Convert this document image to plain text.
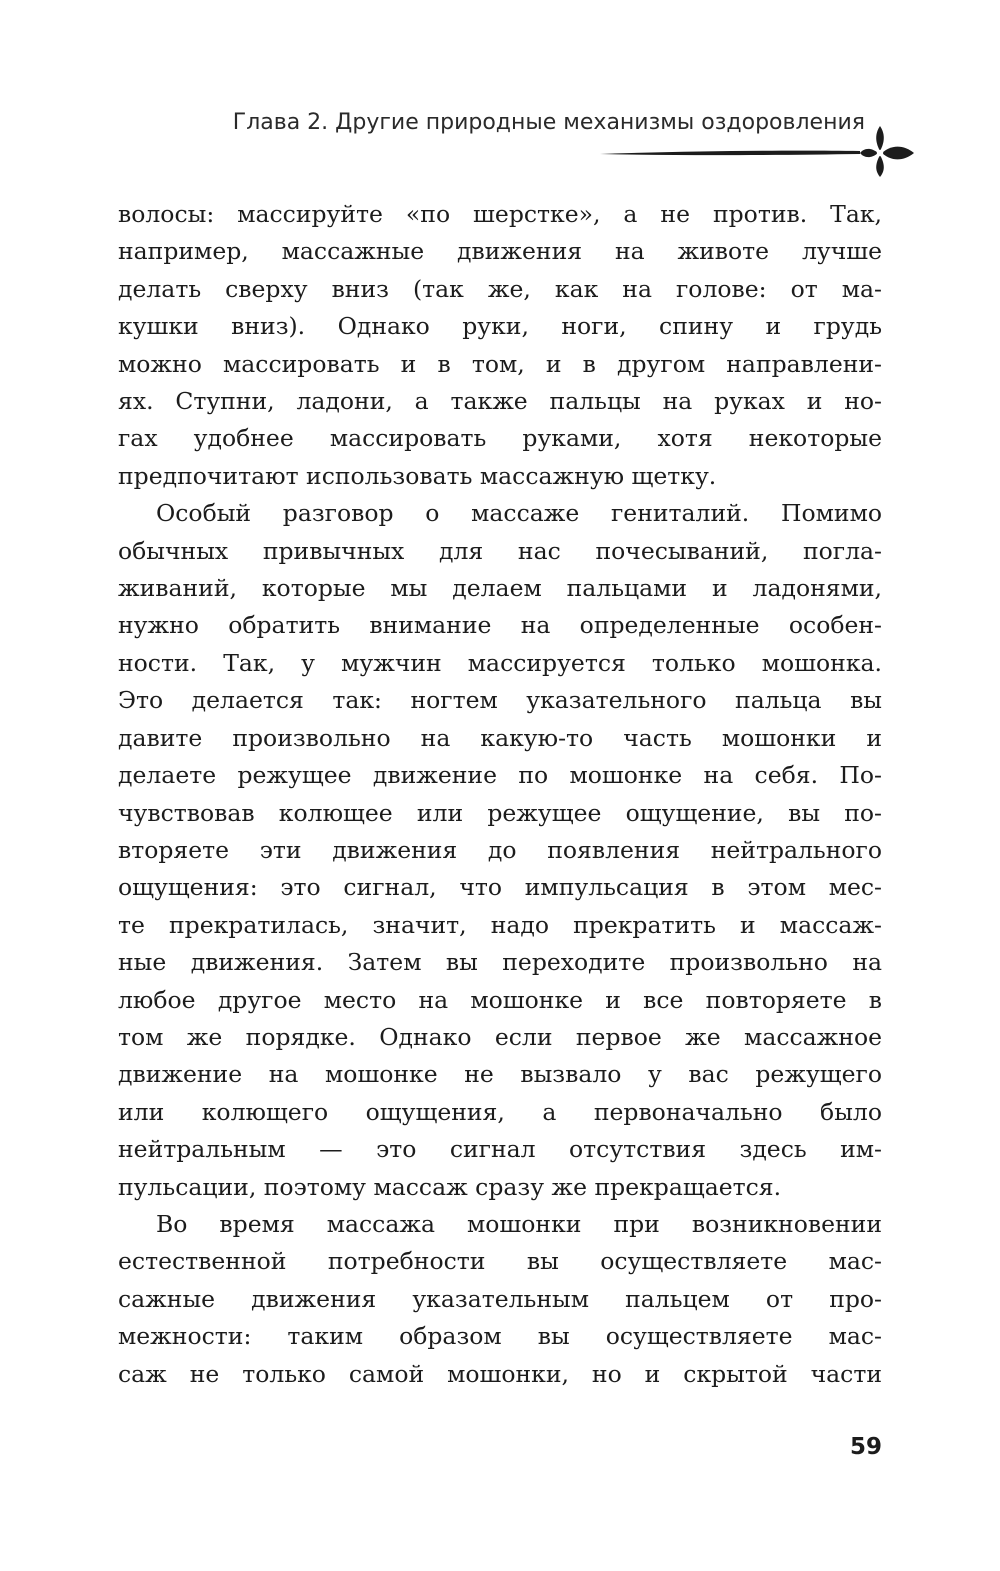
Глава 2. Другие природные механизмы оздоровления
волосы: массируйте «по шерстке», а не против. Так,
например, массажные движения на животе лучше
делать сверху вниз (так же, как на голове: от ма-
кушки вниз). Однако руки, ноги, спину и грудь
можно массировать и в том, и в другом направлени-
ях. Ступни, ладони, а также пальцы на руках и но-
гах удобнее массировать руками, хотя некоторые
предпочитают использовать массажную щетку.
Особый разговор о массаже гениталий. Помимо
обычных привычных для нас почесываний, погла-
живаний, которые мы делаем пальцами и ладонями,
нужно обратить внимание на определенные особен-
ности. Так, у мужчин массируется только мошонка.
Это делается так: ногтем указательного пальца вы
давите произвольно на какую-то часть мошонки и
делаете режущее движение по мошонке на себя. По-
чувствовав колющее или режущее ощущение, вы по-
вторяете эти движения до появления нейтрального
ощущения: это сигнал, что импульсация в этом мес-
те прекратилась, значит, надо прекратить и массаж-
ные движения. Затем вы переходите произвольно на
любое другое место на мошонке и все повторяете в
том же порядке. Однако если первое же массажное
движение на мошонке не вызвало у вас режущего
или колющего ощущения, а первоначально было
нейтральным — это сигнал отсутствия здесь им-
пульсации, поэтому массаж сразу же прекращается.
Во время массажа мошонки при возникновении
естественной потребности вы осуществляете мас-
сажные движения указательным пальцем от про-
межности: таким образом вы осуществляете мас-
саж не только самой мошонки, но и скрытой части
59
